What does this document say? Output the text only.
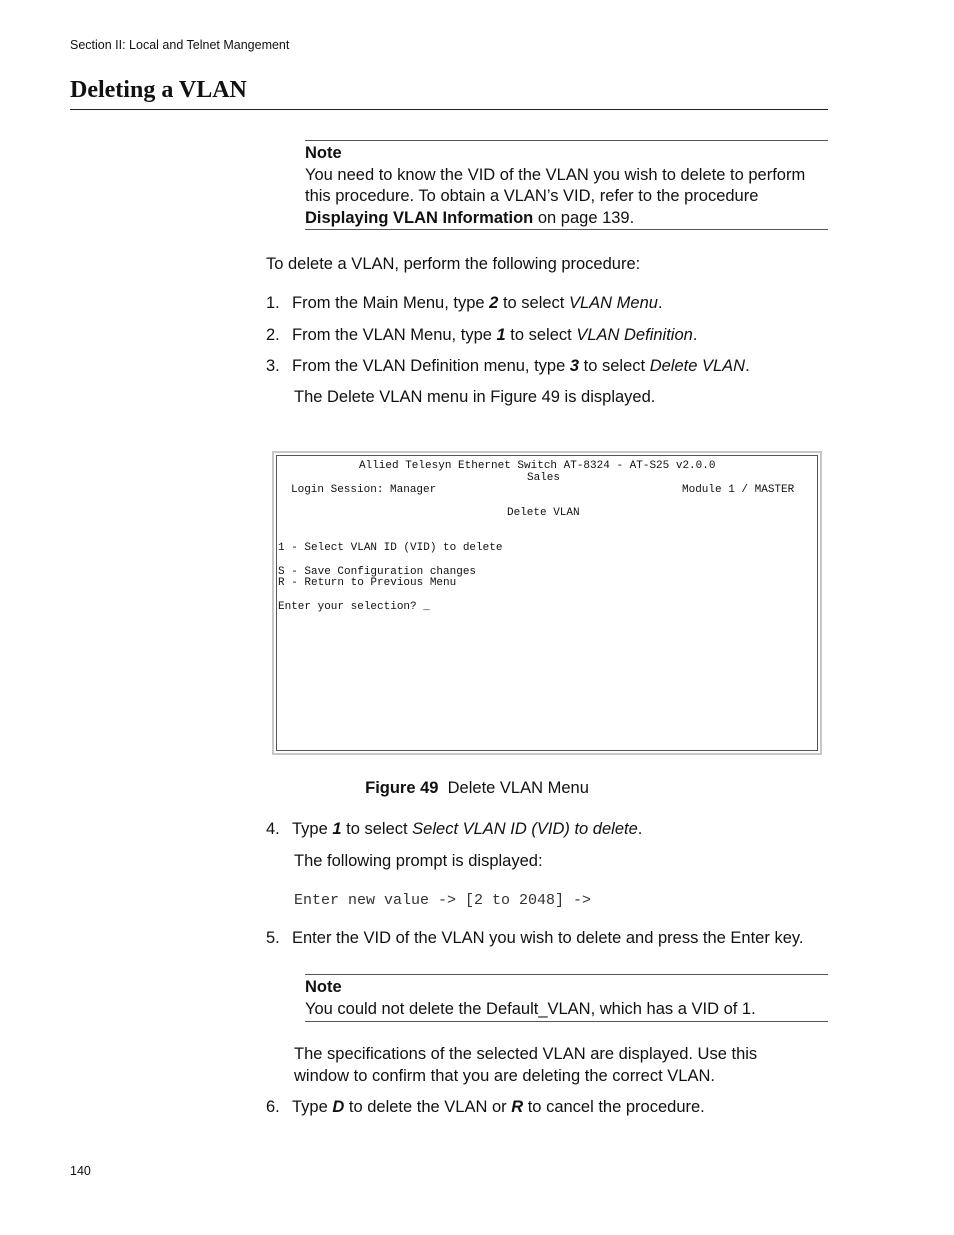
Section II: Local and Telnet Mangement
Deleting a VLAN
Note
You need to know the VID of the VLAN you wish to delete to perform
this procedure. To obtain a VLAN’s VID, refer to the procedure
Displaying VLAN Information on page 139.
To delete a VLAN, perform the following procedure:
1. From the Main Menu, type 2 to select VLAN Menu.
2. From the VLAN Menu, type 1 to select VLAN Definition.
3. From the VLAN Definition menu, type 3 to select Delete VLAN.
The Delete VLAN menu in Figure 49 is displayed.
Allied Telesyn Ethernet Switch AT-8324 - AT-S25 v2.0.0
Sales
Login Session: Manager	Module 1 / MASTER
Delete VLAN
1 - Select VLAN ID (VID) to delete
S - Save Configuration changes
R - Return to Previous Menu
Enter your selection? _
Figure 49 Delete VLAN Menu
4. Type 1 to select Select VLAN ID (VID) to delete.
The following prompt is displayed:
Enter new value -> [2 to 2048] ->
5. Enter the VID of the VLAN you wish to delete and press the Enter key.
Note
You could not delete the Default_VLAN, which has a VID of 1.
The specifications of the selected VLAN are displayed. Use this
window to confirm that you are deleting the correct VLAN.
6. Type D to delete the VLAN or R to cancel the procedure.
140
